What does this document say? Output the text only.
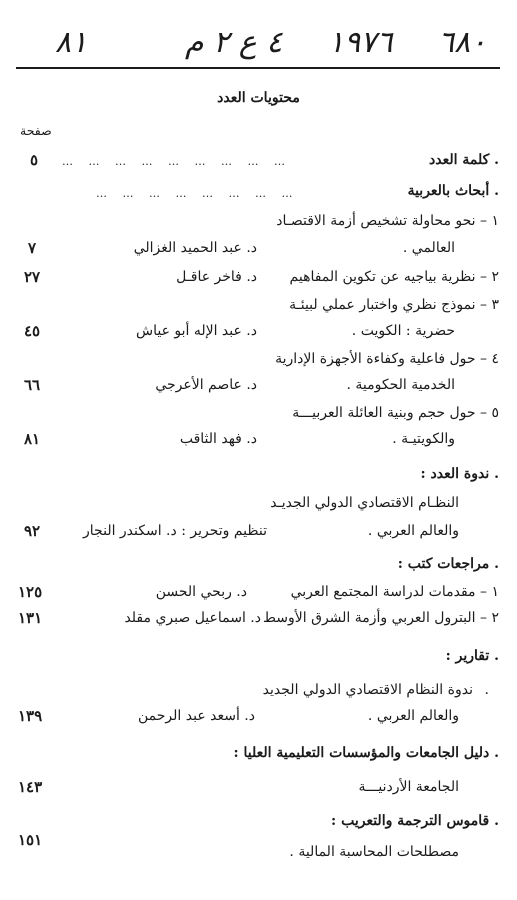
٨١	٤ ع ٢ م ١٩٧٦ ٦٨٠
محتويات العدد
صفحة
. كلمة العدد
… … … … … … … … …
٥
. أبحاث بالعربية
… … … … … … … …
١ – نحو محاولة تشخيص أزمة الاقتصـاد
العالمي .
د. عبد الحميد الغزالي
٧
٢ – نظرية بياجيه عن تكوين المفاهيم
د. فاخر عاقـل
٢٧
٣ – نموذج نظري واختبار عملي لبيئـة
حضرية : الكويت .
د. عبد الإله أبو عياش
٤٥
٤ – حول فاعلية وكفاءة الأجهزة الإدارية
الخدمية الحكومية .
د. عاصم الأعرجي
٦٦
٥ – حول حجم وبنية العائلة العربيـــة
والكويتيـة .
د. فهد الثاقب
٨١
. ندوة العدد :
النظـام الاقتصادي الدولي الجديـد
والعالم العربي .
تنظيم وتحرير : د. اسكندر النجار
٩٢
. مراجعات كتب :
١ – مقدمات لدراسة المجتمع العربي
د. ربحي الحسن
١٢٥
٢ – البترول العربي وأزمة الشرق الأوسط
د. اسماعيل صبري مقلد
١٣١
. تقارير :
.
ندوة النظام الاقتصادي الدولي الجديد
والعالم العربي .
د. أسعد عبد الرحمن
١٣٩
. دليل الجامعات والمؤسسات التعليمية العليا :
الجامعة الأردنيـــة
١٤٣
. قاموس الترجمة والتعريب :
مصطلحات المحاسبة المالية .
١٥١
